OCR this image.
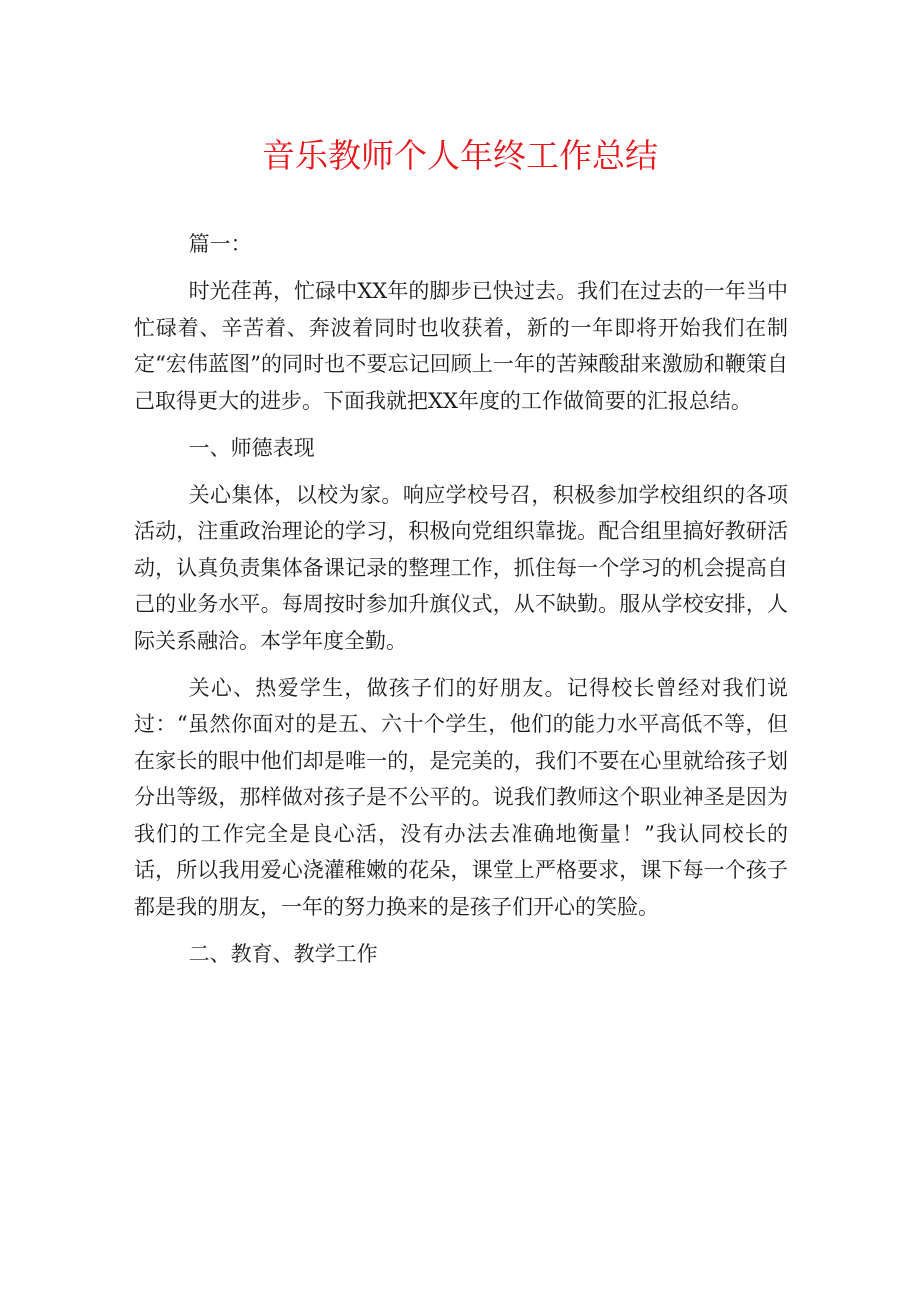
音乐教师个人年终工作总结

篇一：

时光荏苒，忙碌中XX年的脚步已快过去。我们在过去的一年当中忙碌着、辛苦着、奔波着同时也收获着，新的一年即将开始我们在制定“宏伟蓝图”的同时也不要忘记回顾上一年的苦辣酸甜来激励和鞭策自己取得更大的进步。下面我就把XX年度的工作做简要的汇报总结。

一、师德表现

关心集体，以校为家。响应学校号召，积极参加学校组织的各项活动，注重政治理论的学习，积极向党组织靠拢。配合组里搞好教研活动，认真负责集体备课记录的整理工作，抓住每一个学习的机会提高自己的业务水平。每周按时参加升旗仪式，从不缺勤。服从学校安排，人际关系融洽。本学年度全勤。

关心、热爱学生，做孩子们的好朋友。记得校长曾经对我们说过：“虽然你面对的是五、六十个学生，他们的能力水平高低不等，但在家长的眼中他们却是唯一的，是完美的，我们不要在心里就给孩子划分出等级，那样做对孩子是不公平的。说我们教师这个职业神圣是因为我们的工作完全是良心活，没有办法去准确地衡量！”我认同校长的话，所以我用爱心浇灌稚嫩的花朵，课堂上严格要求，课下每一个孩子都是我的朋友，一年的努力换来的是孩子们开心的笑脸。

二、教育、教学工作
